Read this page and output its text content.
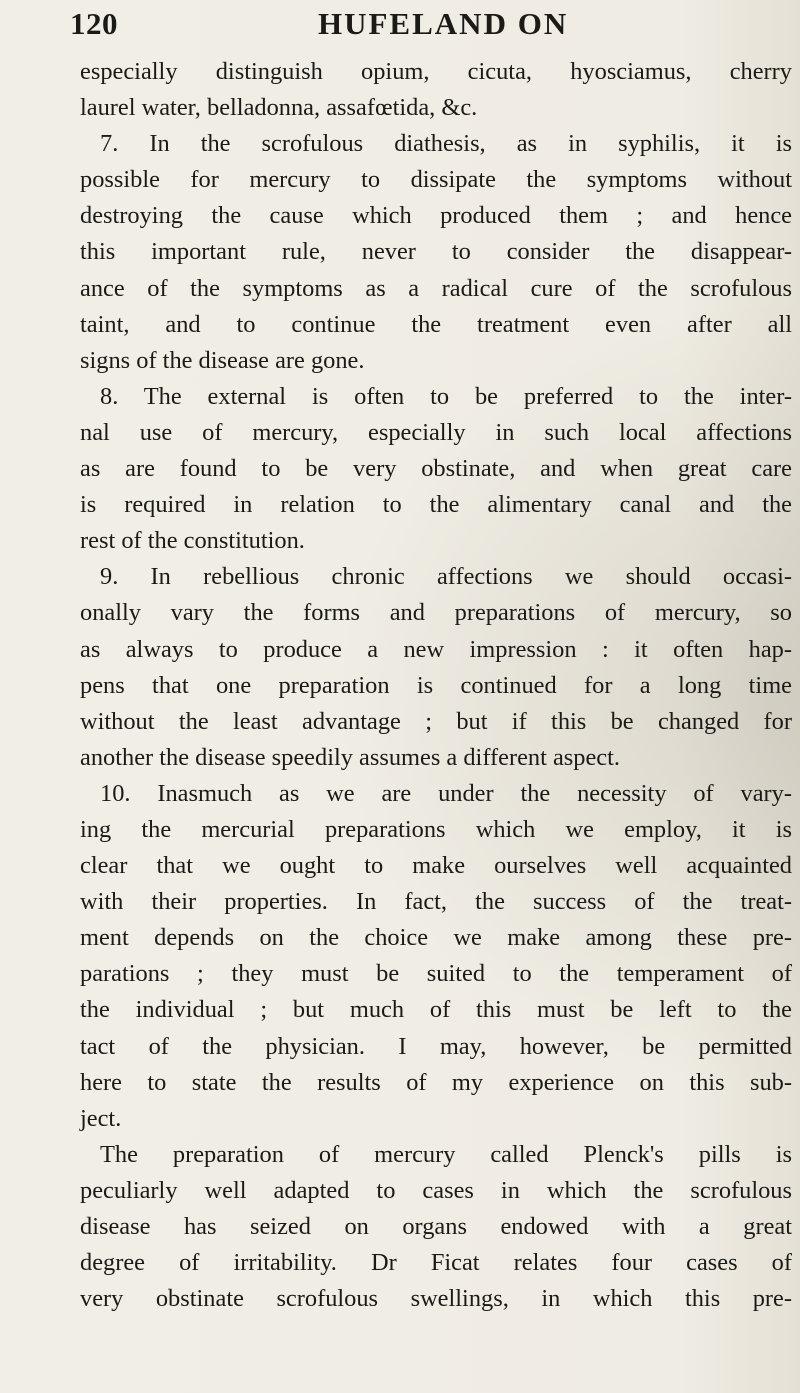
120	HUFELAND ON
especially distinguish opium, cicuta, hyosciamus, cherry
laurel water, belladonna, assafœtida, &c.
7. In the scrofulous diathesis, as in syphilis, it is
possible for mercury to dissipate the symptoms without
destroying the cause which produced them ; and hence
this important rule, never to consider the disappear-
ance of the symptoms as a radical cure of the scrofulous
taint, and to continue the treatment even after all
signs of the disease are gone.
8. The external is often to be preferred to the inter-
nal use of mercury, especially in such local affections
as are found to be very obstinate, and when great care
is required in relation to the alimentary canal and the
rest of the constitution.
9. In rebellious chronic affections we should occasi-
onally vary the forms and preparations of mercury, so
as always to produce a new impression : it often hap-
pens that one preparation is continued for a long time
without the least advantage ; but if this be changed for
another the disease speedily assumes a different aspect.
10. Inasmuch as we are under the necessity of vary-
ing the mercurial preparations which we employ, it is
clear that we ought to make ourselves well acquainted
with their properties. In fact, the success of the treat-
ment depends on the choice we make among these pre-
parations ; they must be suited to the temperament of
the individual ; but much of this must be left to the
tact of the physician. I may, however, be permitted
here to state the results of my experience on this sub-
ject.
The preparation of mercury called Plenck's pills is
peculiarly well adapted to cases in which the scrofulous
disease has seized on organs endowed with a great
degree of irritability. Dr Ficat relates four cases of
very obstinate scrofulous swellings, in which this pre-
